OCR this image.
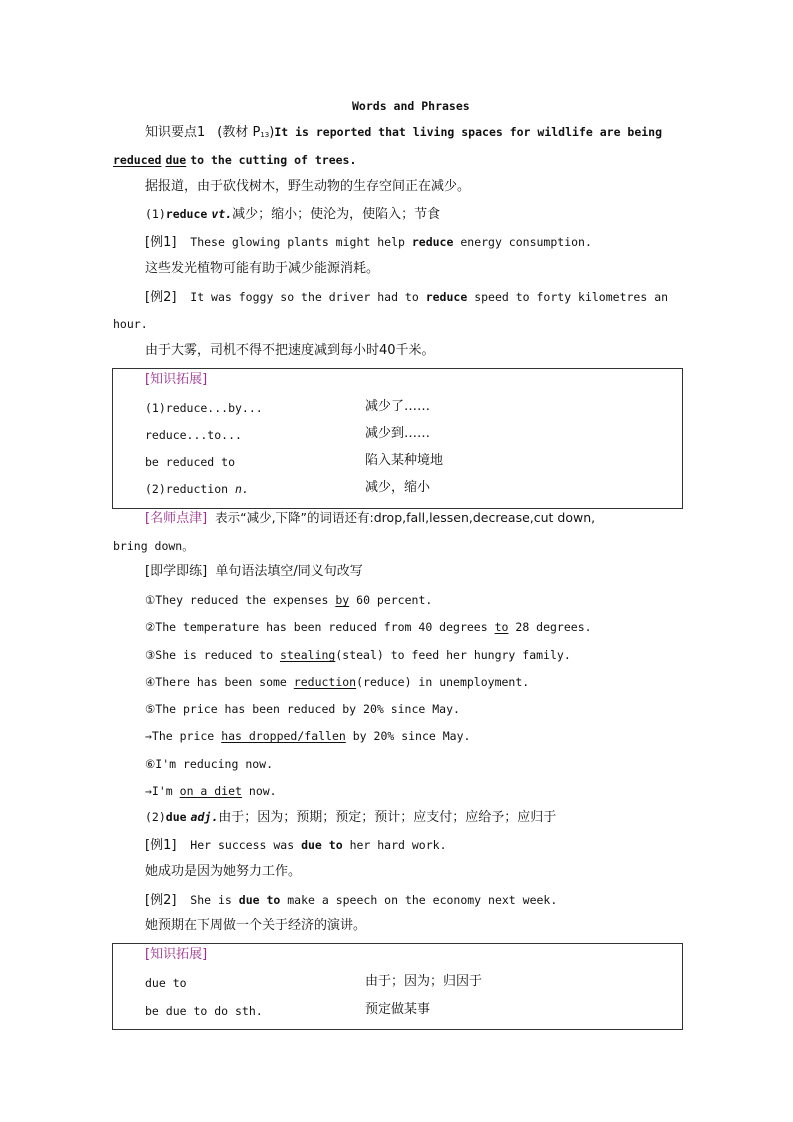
Words and Phrases
知识要点1 (教材 P13)It is reported that living spaces for wildlife are being
reduced due to the cutting of trees.
据报道，由于砍伐树木，野生动物的生存空间正在减少。
(1)reduce vt.减少；缩小；使沦为，使陷入；节食
[例1] These glowing plants might help reduce energy consumption.
这些发光植物可能有助于减少能源消耗。
[例2] It was foggy so the driver had to reduce speed to forty kilometres an
hour.
由于大雾，司机不得不把速度减到每小时40千米。
[知识拓展]
(1)reduce...by...	减少了……
reduce...to...	减少到……
be reduced to	陷入某种境地
(2)reduction n.	减少，缩小
[名师点津] 表示“减少,下降”的词语还有:drop,fall,lessen,decrease,cut down,
bring down。
[即学即练] 单句语法填空/同义句改写
①They reduced the expenses by 60 percent.
②The temperature has been reduced from 40 degrees to 28 degrees.
③She is reduced to stealing(steal) to feed her hungry family.
④There has been some reduction(reduce) in unemployment.
⑤The price has been reduced by 20% since May.
→The price has dropped/fallen by 20% since May.
⑥I'm reducing now.
→I'm on a diet now.
(2)due adj.由于；因为；预期；预定；预计；应支付；应给予；应归于
[例1] Her success was due to her hard work.
她成功是因为她努力工作。
[例2] She is due to make a speech on the economy next week.
她预期在下周做一个关于经济的演讲。
[知识拓展]
due to	由于；因为；归因于
be due to do sth.	预定做某事
